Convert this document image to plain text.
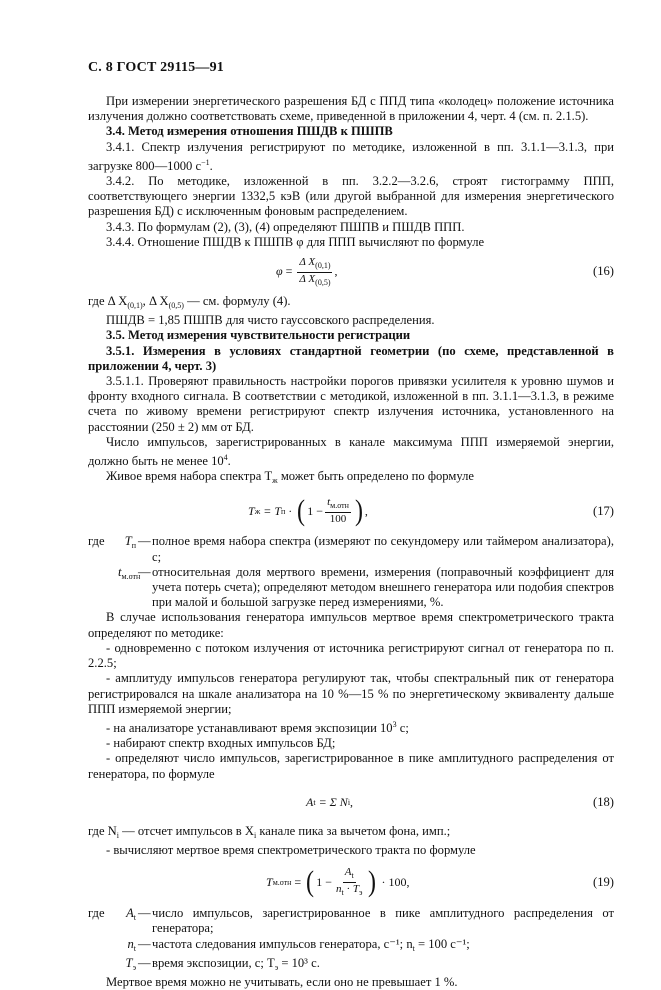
С. 8 ГОСТ 29115—91

При измерении энергетического разрешения БД с ППД типа «колодец» положение источника излучения должно соответствовать схеме, приведенной в приложении 4, черт. 4 (см. п. 2.1.5).

3.4. Метод измерения отношения ПШДВ к ПШПВ

3.4.1. Спектр излучения регистрируют по методике, изложенной в пп. 3.1.1—3.1.3, при загрузке 800—1000 $с^{-1}$.

3.4.2. По методике, изложенной в пп. 3.2.2—3.2.6, строят гистограмму ППП, соответствующего энергии 1332,5 кэВ (или другой выбранной для измерения энергетического разрешения БД) с исключенным фоновым распределением.

3.4.3. По формулам (2), (3), (4) определяют ПШПВ и ПШДВ ППП.

3.4.4. Отношение ПШДВ к ПШПВ φ для ППП вычисляют по формуле

$\varphi = \frac{\Delta X_{(0,1)}}{\Delta X_{(0,5)}}$ ,	(16)

где Δ $X_{(0,1)}$, Δ $X_{(0,5)}$ — см. формулу (4).

ПШДВ = 1,85 ПШПВ для чисто гауссовского распределения.

3.5. Метод измерения чувствительности регистрации

3.5.1. Измерения в условиях стандартной геометрии (по схеме, представленной в приложении 4, черт. 3)

3.5.1.1. Проверяют правильность настройки порогов привязки усилителя к уровню шумов и фронту входного сигнала. В соответствии с методикой, изложенной в пп. 3.1.1—3.1.3, в режиме счета по живому времени регистрируют спектр излучения источника, установленного на расстоянии (250 ± 2) мм от БД.

Число импульсов, зарегистрированных в канале максимума ППП измеряемой энергии, должно быть не менее $10^4$.

Живое время набора спектра $T_ж$ может быть определено по формуле

T ж
= T п
·
( $1 - \frac{t_{м.отн}}{100}$ ) ,	(17)
где	$T_п$ — полное время набора спектра (измеряют по секундомеру или таймером анализатора), с;
$t_{м.отн}$
— относительная доля мертвого времени, измерения (поправочный коэффициент для учета потерь счета); определяют методом внешнего генератора или подобия спектров при малой и большой загрузке перед измерениями, %.

В случае использования генератора импульсов мертвое время спектрометрического тракта определяют по методике:

- одновременно с потоком излучения от источника регистрируют сигнал от генератора по п. 2.2.5;

- амплитуду импульсов генератора регулируют так, чтобы спектральный пик от генератора регистрировался на шкале анализатора на 10 %—15 % по энергетическому эквиваленту дальше ППП измеряемой энергии;

- на анализаторе устанавливают время экспозиции $10^3$ с;

- набирают спектр входных импульсов БД;

- определяют число импульсов, зарегистрированное в пике амплитудного распределения от генератора, по формуле

A t
= Σ N i ,	(18)

где $N_i$ — отсчет импульсов в $X_i$ канале пика за вычетом фона, имп.;

- вычисляют мертвое время спектрометрического тракта по формуле

T м.отн
=
( $1 - \frac{A_t}{n_t \cdot T_э}$ )
· 100,	(19)
где	$A_t$ — число импульсов, зарегистрированное в пике амплитудного распределения от генератора;
$n_t$ — частота следования импульсов генератора, с⁻¹; $n_t = 100$ с⁻¹;
$T_э$ — время экспозиции, с; $T_э = 10^3$ с.

Мертвое время можно не учитывать, если оно не превышает 1 %.
